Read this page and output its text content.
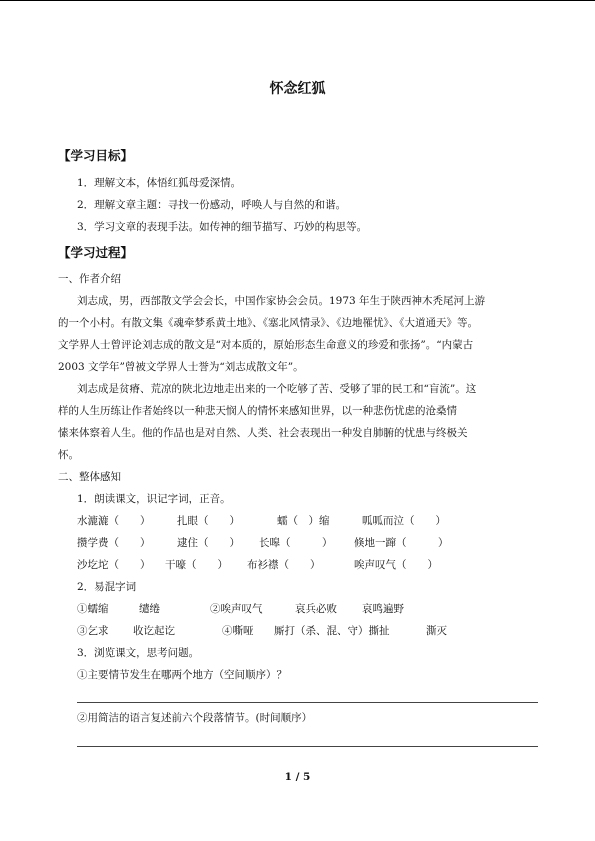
怀念红狐
【学习目标】
1．理解文本，体悟红狐母爱深情。
2．理解文章主题：寻找一份感动，呼唤人与自然的和谐。
3．学习文章的表现手法。如传神的细节描写、巧妙的构思等。
【学习过程】
一、作者介绍
刘志成，男，西部散文学会会长，中国作家协会会员。1973 年生于陕西神木秃尾河上游
的一个小村。有散文集《魂牵梦系黄土地》、《塞北风情录》、《边地罹忧》、《大道通天》等。
文学界人士曾评论刘志成的散文是“对本质的，原始形态生命意义的珍爱和张扬”。“内蒙古
2003 文学年”曾被文学界人士誉为“刘志成散文年”。
刘志成是贫瘠、荒凉的陕北边地走出来的一个吃够了苦、受够了罪的民工和“盲流”。这
样的人生历练让作者始终以一种悲天悯人的情怀来感知世界，以一种悲伤忧虑的沧桑情
愫来体察着人生。他的作品也是对自然、人类、社会表现出一种发自肺腑的忧患与终极关
怀。
二、整体感知
1．朗读课文，识记字词，正音。
水漉漉（　　）	扎眼（　　）	蠕（　）缩	呱呱而泣（　　）
攒学费（　　）	逮住（　　） 长嗥（　　　） 倏地一蹿（　　　）
沙圪坨（　　） 干嚎（　　） 布衫襟（　　）	唉声叹气（　　）
2．易混字词
①蠕缩	缱绻	②唉声叹气	哀兵必败 哀鸣遍野
③乞求 收讫起讫	④嘶哑 厮打（杀、混、守）撕扯	澌灭
3．浏览课文，思考问题。
①主要情节发生在哪两个地方（空间顺序）？
②用简洁的语言复述前六个段落情节。(时间顺序）
1 / 5
